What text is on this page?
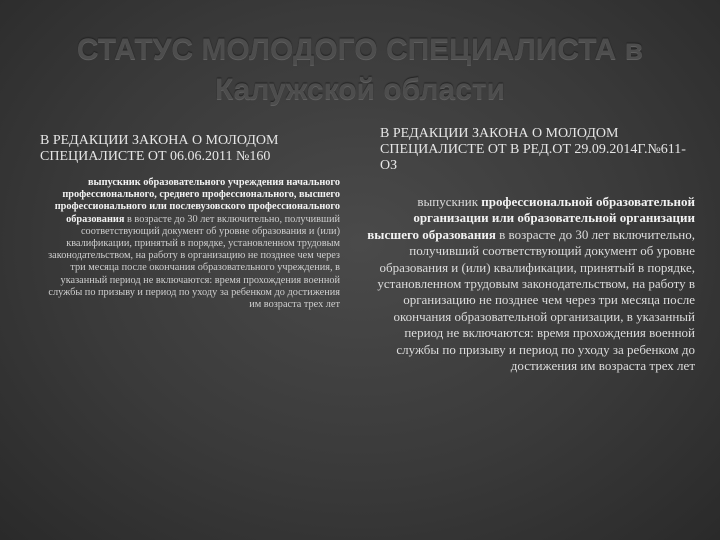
СТАТУС МОЛОДОГО СПЕЦИАЛИСТА в
Калужской области
В РЕДАКЦИИ ЗАКОНА О МОЛОДОМ СПЕЦИАЛИСТЕ ОТ 06.06.2011 №160
выпускник образовательного учреждения начального профессионального, среднего профессионального, высшего профессионального или послевузовского профессионального образования в возрасте до 30 лет включительно, получивший соответствующий документ об уровне образования и (или) квалификации, принятый в порядке, установленном трудовым законодательством, на работу в организацию не позднее чем через три месяца после окончания образовательного учреждения, в указанный период не включаются: время прохождения военной службы по призыву и период по уходу за ребенком до достижения им возраста трех лет
В РЕДАКЦИИ ЗАКОНА О МОЛОДОМ СПЕЦИАЛИСТЕ ОТ В РЕД.ОТ 29.09.2014Г.№611-ОЗ
выпускник профессиональной образовательной организации или образовательной организации высшего образования в возрасте до 30 лет включительно, получивший соответствующий документ об уровне образования и (или) квалификации, принятый в порядке, установленном трудовым законодательством, на работу в организацию не позднее чем через три месяца после окончания образовательной организации, в указанный период не включаются: время прохождения военной службы по призыву и период по уходу за ребенком до достижения им возраста трех лет
